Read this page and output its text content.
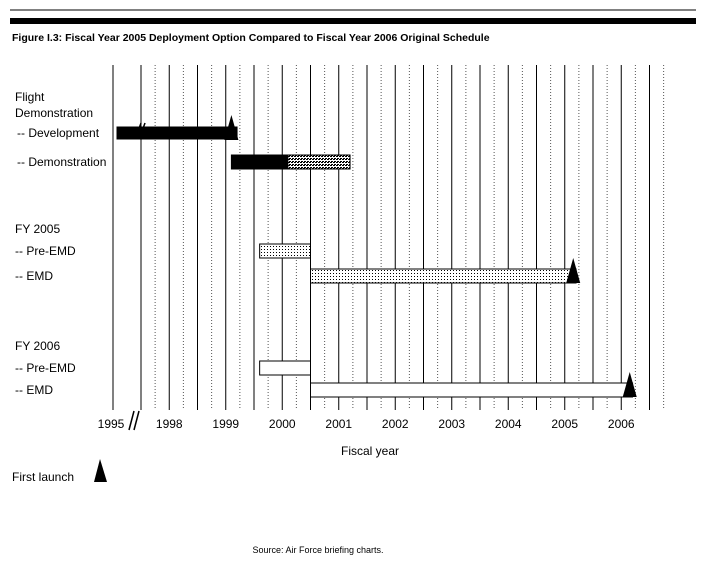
Figure I.3: Fiscal Year 2005 Deployment Option Compared to Fiscal Year 2006 Original Schedule
1995	1998 1999 2000 2001 2002 2003 2004 2005 2006
Flight
Demonstration
-- Development
-- Demonstration
FY 2005
-- Pre-EMD
-- EMD
FY 2006
-- Pre-EMD
-- EMD
Fiscal year
First launch
Source: Air Force briefing charts.
